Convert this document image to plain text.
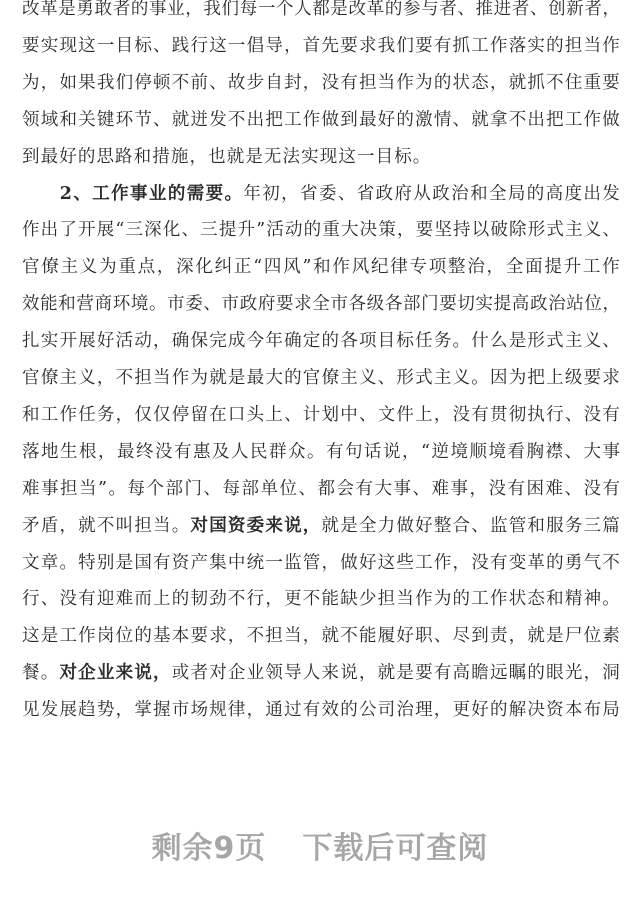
改 革 是 勇 敢 者 的 事 业 ， 我 们 每 一 个 人 都 是 改 革 的 参 与 者 、 推 进 者 、 创 新 者 ，
要 实 现 这 一 目 标 、 践 行 这 一 倡 导 ， 首 先 要 求 我 们 要 有 抓 工 作 落 实 的 担 当 作
为 ， 如 果 我 们 停 顿 不 前 、 故 步 自 封 ， 没 有 担 当 作 为 的 状 态 ， 就 抓 不 住 重 要
领 域 和 关 键 环 节 、 就 迸 发 不 出 把 工 作 做 到 最 好 的 激 情 、 就 拿 不 出 把 工 作 做
到 最 好 的 思 路 和 措 施 ， 也 就 是 无 法 实 现 这 一 目 标 。

2 、 工 作 事 业 的 需 要 。 年 初 ， 省 委 、 省 政 府 从 政 治 和 全 局 的 高 度 出 发
作 出 了 开 展 “ 三 深 化 、 三 提 升 ” 活 动 的 重 大 决 策 ， 要 坚 持 以 破 除 形 式 主 义 、
官 僚 主 义 为 重 点 ， 深 化 纠 正 “ 四 风 ” 和 作 风 纪 律 专 项 整 治 ， 全 面 提 升 工 作
效 能 和 营 商 环 境 。 市 委 、 市 政 府 要 求 全 市 各 级 各 部 门 要 切 实 提 高 政 治 站 位 ，
扎 实 开 展 好 活 动 ， 确 保 完 成 今 年 确 定 的 各 项 目 标 任 务 。 什 么 是 形 式 主 义 、
官 僚 主 义 ， 不 担 当 作 为 就 是 最 大 的 官 僚 主 义 、 形 式 主 义 。 因 为 把 上 级 要 求
和 工 作 任 务 ， 仅 仅 停 留 在 口 头 上 、 计 划 中 、 文 件 上 ， 没 有 贯 彻 执 行 、 没 有
落 地 生 根 ， 最 终 没 有 惠 及 人 民 群 众 。 有 句 话 说 ， “ 逆 境 顺 境 看 胸 襟 、 大 事
难 事 担 当 ” 。 每 个 部 门 、 每 部 单 位 、 都 会 有 大 事 、 难 事 ， 没 有 困 难 、 没 有
矛 盾 ， 就 不 叫 担 当 。 对 国 资 委 来 说 ， 就 是 全 力 做 好 整 合 、 监 管 和 服 务 三 篇
文 章 。 特 别 是 国 有 资 产 集 中 统 一 监 管 ， 做 好 这 些 工 作 ， 没 有 变 革 的 勇 气 不
行 、 没 有 迎 难 而 上 的 韧 劲 不 行 ， 更 不 能 缺 少 担 当 作 为 的 工 作 状 态 和 精 神 。
这 是 工 作 岗 位 的 基 本 要 求 ， 不 担 当 ， 就 不 能 履 好 职 、 尽 到 责 ， 就 是 尸 位 素
餐 。 对 企 业 来 说 ， 或 者 对 企 业 领 导 人 来 说 ， 就 是 要 有 高 瞻 远 瞩 的 眼 光 ， 洞
见 发 展 趋 势 ， 掌 握 市 场 规 律 ， 通 过 有 效 的 公 司 治 理 ， 更 好 的 解 决 资 本 布 局
剩余9页 下载后可查阅
